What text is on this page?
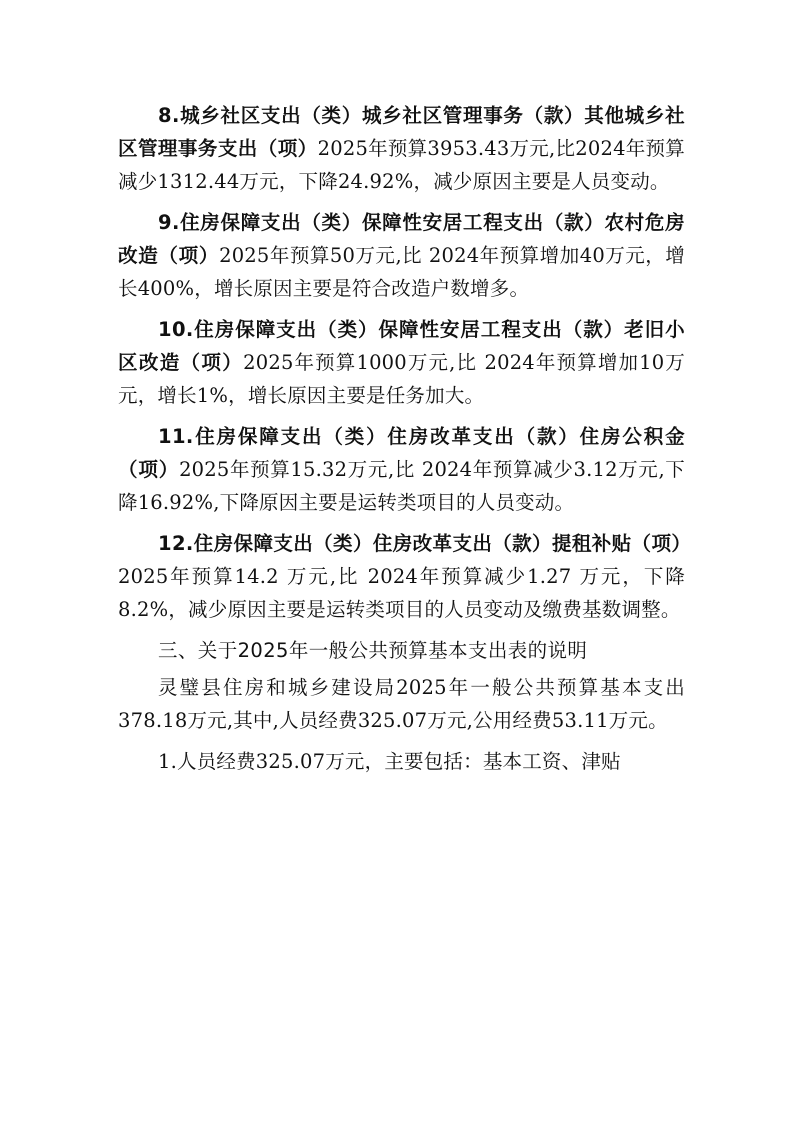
8.城乡社区支出（类）城乡社区管理事务（款）其他城乡社区管理事务支出（项）2025年预算3953.43万元,比2024年预算减少1312.44万元，下降24.92%，减少原因主要是人员变动。

9.住房保障支出（类）保障性安居工程支出（款）农村危房改造（项）2025年预算50万元,比 2024年预算增加40万元，增长400%，增长原因主要是符合改造户数增多。

10.住房保障支出（类）保障性安居工程支出（款）老旧小区改造（项）2025年预算1000万元,比 2024年预算增加10万元，增长1%，增长原因主要是任务加大。

11.住房保障支出（类）住房改革支出（款）住房公积金（项）2025年预算15.32万元,比 2024年预算减少3.12万元,下降16.92%,下降原因主要是运转类项目的人员变动。

12.住房保障支出（类）住房改革支出（款）提租补贴（项）2025年预算14.2 万元,比 2024年预算减少1.27 万元，下降8.2%，减少原因主要是运转类项目的人员变动及缴费基数调整。

三、关于2025年一般公共预算基本支出表的说明

灵璧县住房和城乡建设局2025年一般公共预算基本支出378.18万元,其中,人员经费325.07万元,公用经费53.11万元。

1.人员经费325.07万元，主要包括：基本工资、津贴
